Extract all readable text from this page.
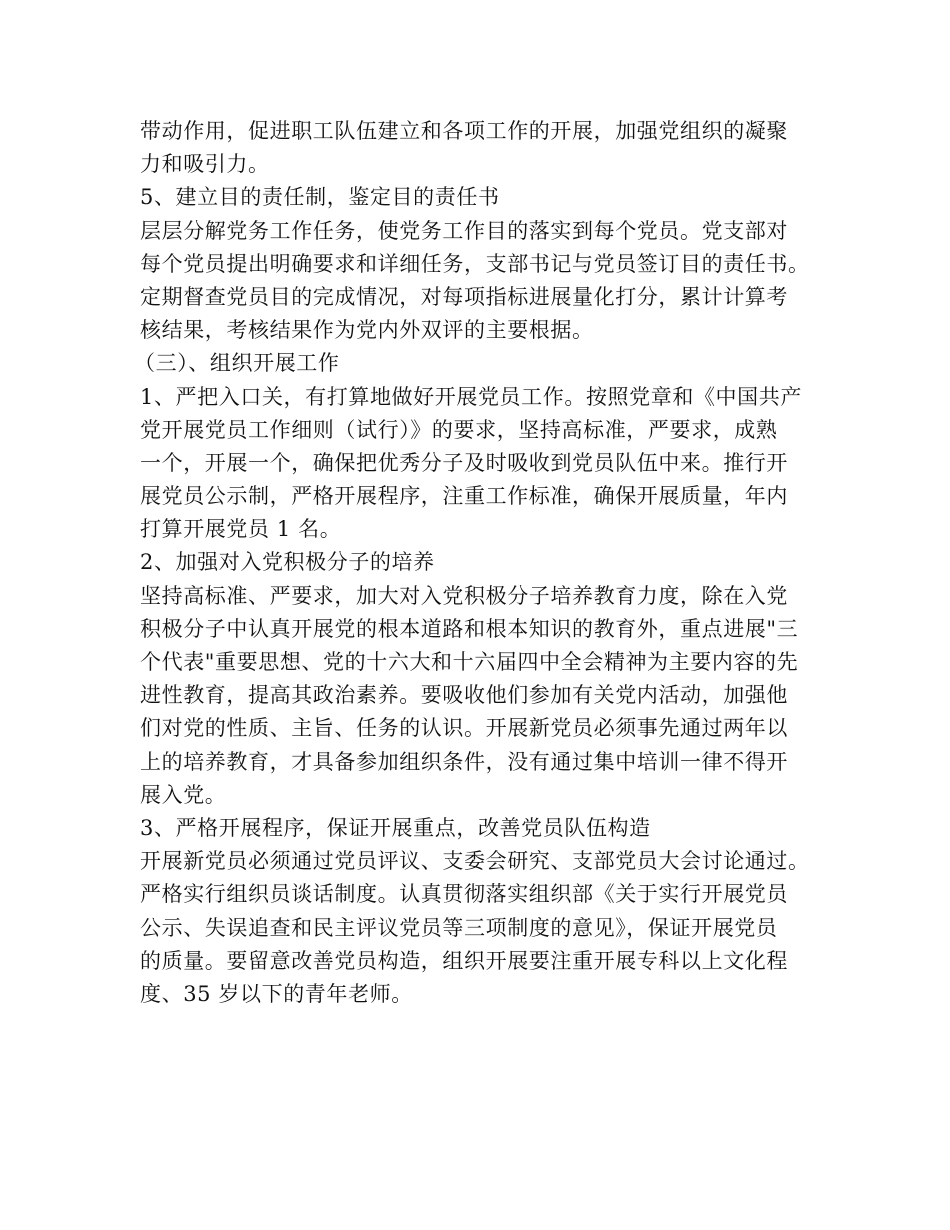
带动作用，促进职工队伍建立和各项工作的开展，加强党组织的凝聚
力和吸引力。
5、建立目的责任制，鉴定目的责任书
层层分解党务工作任务，使党务工作目的落实到每个党员。党支部对
每个党员提出明确要求和详细任务，支部书记与党员签订目的责任书。
定期督查党员目的完成情况，对每项指标进展量化打分，累计计算考
核结果，考核结果作为党内外双评的主要根据。
（三）、组织开展工作
1、严把入口关，有打算地做好开展党员工作。按照党章和《中国共产
党开展党员工作细则（试行）》的要求，坚持高标准，严要求，成熟
一个，开展一个，确保把优秀分子及时吸收到党员队伍中来。推行开
展党员公示制，严格开展程序，注重工作标准，确保开展质量，年内
打算开展党员 1 名。
2、加强对入党积极分子的培养
坚持高标准、严要求，加大对入党积极分子培养教育力度，除在入党
积极分子中认真开展党的根本道路和根本知识的教育外，重点进展"三
个代表"重要思想、党的十六大和十六届四中全会精神为主要内容的先
进性教育，提高其政治素养。要吸收他们参加有关党内活动，加强他
们对党的性质、主旨、任务的认识。开展新党员必须事先通过两年以
上的培养教育，才具备参加组织条件，没有通过集中培训一律不得开
展入党。
3、严格开展程序，保证开展重点，改善党员队伍构造
开展新党员必须通过党员评议、支委会研究、支部党员大会讨论通过。
严格实行组织员谈话制度。认真贯彻落实组织部《关于实行开展党员
公示、失误追查和民主评议党员等三项制度的意见》，保证开展党员
的质量。要留意改善党员构造，组织开展要注重开展专科以上文化程
度、35 岁以下的青年老师。
